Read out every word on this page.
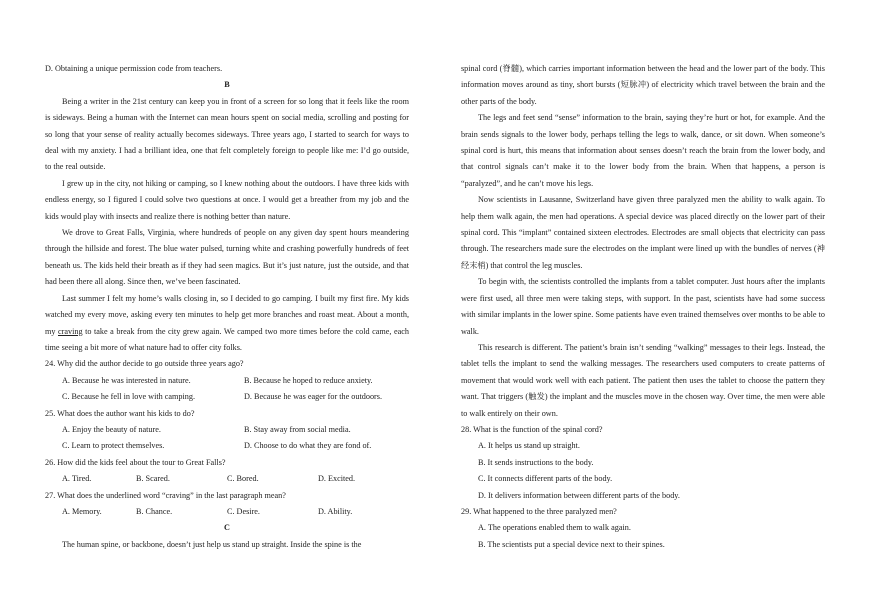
D. Obtaining a unique permission code from teachers.

B

Being a writer in the 21st century can keep you in front of a screen for so long that it feels like the room is sideways. Being a human with the Internet can mean hours spent on social media, scrolling and posting for so long that your sense of reality actually becomes sideways. Three years ago, I started to search for ways to deal with my anxiety. I had a brilliant idea, one that felt completely foreign to people like me: I’d go outside, to the real outside.

I grew up in the city, not hiking or camping, so I knew nothing about the outdoors. I have three kids with endless energy, so I figured I could solve two questions at once. I would get a breather from my job and the kids would play with insects and realize there is nothing better than nature.

We drove to Great Falls, Virginia, where hundreds of people on any given day spent hours meandering through the hillside and forest. The blue water pulsed, turning white and crashing powerfully hundreds of feet beneath us. The kids held their breath as if they had seen magics. But it’s just nature, just the outside, and that had been there all along. Since then, we’ve been fascinated.

Last summer I felt my home’s walls closing in, so I decided to go camping. I built my first fire. My kids watched my every move, asking every ten minutes to help get more branches and roast meat. About a month, my craving to take a break from the city grew again. We camped two more times before the cold came, each time seeing a bit more of what nature had to offer city folks.

24. Why did the author decide to go outside three years ago?

A. Because he was interested in nature.	B. Because he hoped to reduce anxiety.
C. Because he fell in love with camping.	D. Because he was eager for the outdoors.

25. What does the author want his kids to do?

A. Enjoy the beauty of nature.	B. Stay away from social media.
C. Learn to protect themselves.	D. Choose to do what they are fond of.

26. How did the kids feel about the tour to Great Falls?

A. Tired.	B. Scared.	C. Bored.	D. Excited.

27. What does the underlined word “craving” in the last paragraph mean?

A. Memory.	B. Chance.	C. Desire.	D. Ability.

C

The human spine, or backbone, doesn’t just help us stand up straight. Inside the spine is the

spinal cord (脊髓), which carries important information between the head and the lower part of the body. This information moves around as tiny, short bursts (短脉冲) of electricity which travel between the brain and the other parts of the body.

The legs and feet send “sense” information to the brain, saying they’re hurt or hot, for example. And the brain sends signals to the lower body, perhaps telling the legs to walk, dance, or sit down. When someone’s spinal cord is hurt, this means that information about senses doesn’t reach the brain from the lower body, and that control signals can’t make it to the lower body from the brain. When that happens, a person is “paralyzed”, and he can’t move his legs.

Now scientists in Lausanne, Switzerland have given three paralyzed men the ability to walk again. To help them walk again, the men had operations. A special device was placed directly on the lower part of their spinal cord. This “implant” contained sixteen electrodes. Electrodes are small objects that electricity can pass through. The researchers made sure the electrodes on the implant were lined up with the bundles of nerves (神经末梢) that control the leg muscles.

To begin with, the scientists controlled the implants from a tablet computer. Just hours after the implants were first used, all three men were taking steps, with support. In the past, scientists have had some success with similar implants in the lower spine. Some patients have even trained themselves over months to be able to walk.

This research is different. The patient’s brain isn’t sending “walking” messages to their legs. Instead, the tablet tells the implant to send the walking messages. The researchers used computers to create patterns of movement that would work well with each patient. The patient then uses the tablet to choose the pattern they want. That triggers (触发) the implant and the muscles move in the chosen way. Over time, the men were able to walk entirely on their own.

28. What is the function of the spinal cord?

A. It helps us stand up straight.

B. It sends instructions to the body.

C. It connects different parts of the body.

D. It delivers information between different parts of the body.

29. What happened to the three paralyzed men?

A. The operations enabled them to walk again.

B. The scientists put a special device next to their spines.
